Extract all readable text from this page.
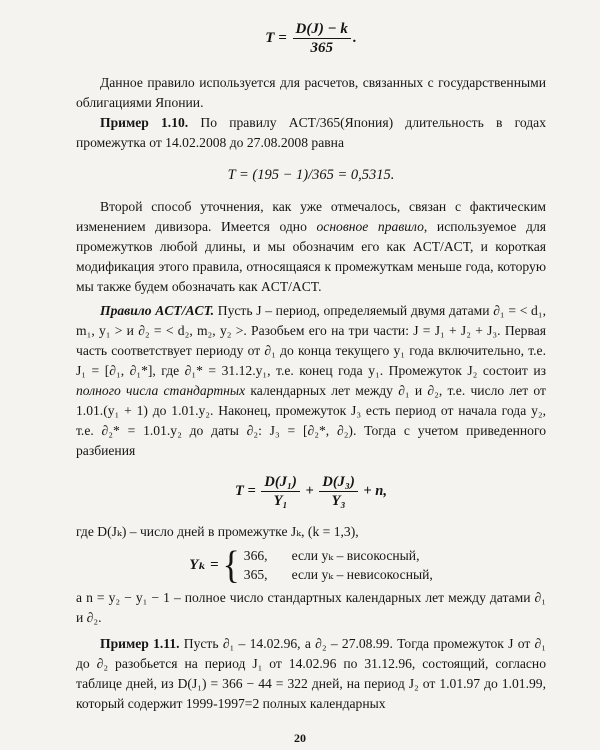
$T = \frac{D(J) - k}{365}$ .

Данное правило используется для расчетов, связанных с государственными облигациями Японии.

Пример 1.10. По правилу ACT/365(Япония) длительность в годах промежутка от 14.02.2008 до 27.08.2008 равна

T = (195 − 1)/365 = 0,5315.

Второй способ уточнения, как уже отмечалось, связан с фактическим изменением дивизора. Имеется одно основное правило, используемое для промежутков любой длины, и мы обозначим его как ACT/ACT, и короткая модификация этого правила, относящаяся к промежуткам меньше года, которую мы также будем обозначать как ACT/ACT.

Правило ACT/ACT. Пусть J – период, определяемый двумя датами ∂₁ = < d₁, m₁, y₁ > и ∂₂ = < d₂, m₂, y₂ >. Разобьем его на три части: J = J₁ + J₂ + J₃. Первая часть соответствует периоду от ∂₁ до конца текущего y₁ года включительно, т.е. J₁ = [∂₁, ∂₁*], где ∂₁* = 31.12.y₁, т.е. конец года y₁. Промежуток J₂ состоит из полного числа стандартных календарных лет между ∂₁ и ∂₂, т.е. число лет от 1.01.(y₁ + 1) до 1.01.y₂. Наконец, промежуток J₃ есть период от начала года y₂, т.е. ∂₂* = 1.01.y₂ до даты ∂₂: J₃ = [∂₂*, ∂₂). Тогда с учетом приведенного разбиения

$T = \frac{\text{D(J₁)}}{\text{Y₁}} + \frac{\text{D(J₃)}}{\text{Y₃}} + n$,

где D(Jₖ) – число дней в промежутке Jₖ, (k = 1,3),

Yₖ = { 366, если yₖ – високосный,
365, если yₖ – невисокосный,

а n = y₂ − y₁ − 1 – полное число стандартных календарных лет между датами ∂₁ и ∂₂.

Пример 1.11. Пусть ∂₁ – 14.02.96, а ∂₂ – 27.08.99. Тогда промежуток J от ∂₁ до ∂₂ разобьется на период J₁ от 14.02.96 по 31.12.96, состоящий, согласно таблице дней, из D(J₁) = 366 − 44 = 322 дней, на период J₂ от 1.01.97 до 1.01.99, который содержит 1999-1997=2 полных календарных

20
